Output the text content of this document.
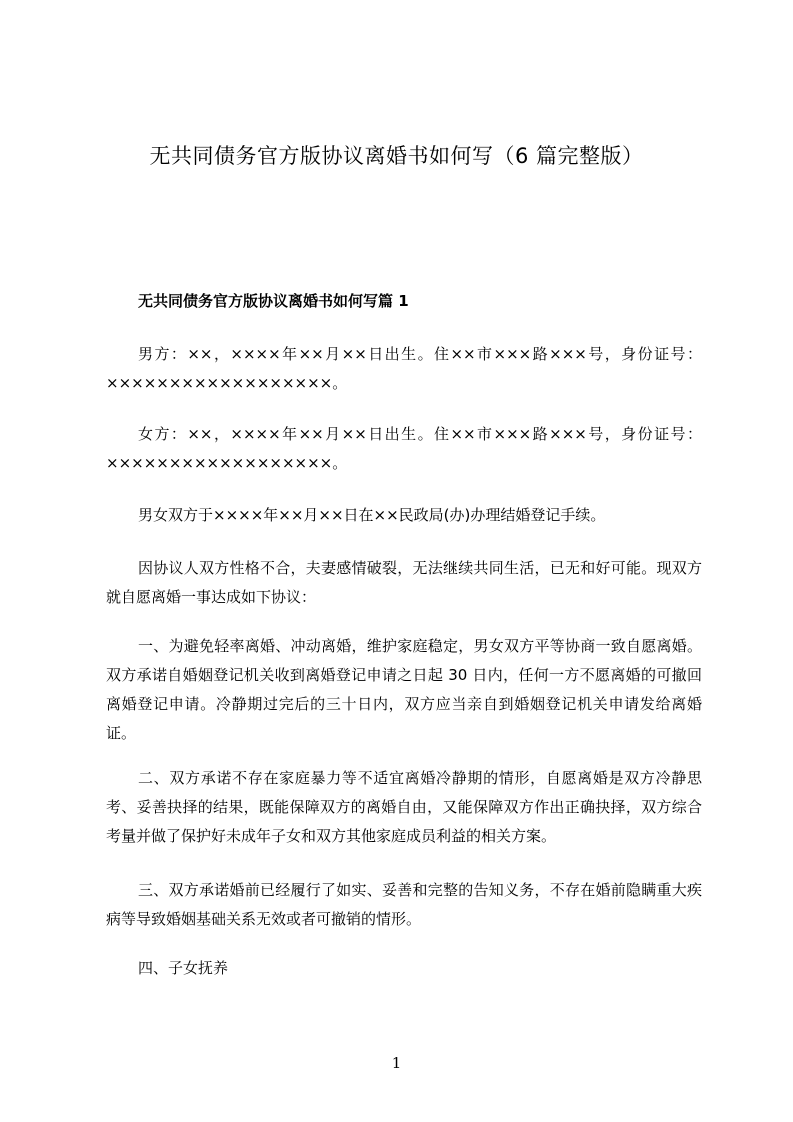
无共同债务官方版协议离婚书如何写（6 篇完整版）
无共同债务官方版协议离婚书如何写篇 1

男方：××，××××年××月××日出生。住××市×××路×××号，身份证号：××××××××××××××××××。

女方：××，××××年××月××日出生。住××市×××路×××号，身份证号：××××××××××××××××××。

男女双方于××××年××月××日在××民政局(办)办理结婚登记手续。

因协议人双方性格不合，夫妻感情破裂，无法继续共同生活，已无和好可能。现双方就自愿离婚一事达成如下协议：

一、为避免轻率离婚、冲动离婚，维护家庭稳定，男女双方平等协商一致自愿离婚。双方承诺自婚姻登记机关收到离婚登记申请之日起 30 日内，任何一方不愿离婚的可撤回离婚登记申请。冷静期过完后的三十日内，双方应当亲自到婚姻登记机关申请发给离婚证。

二、双方承诺不存在家庭暴力等不适宜离婚冷静期的情形，自愿离婚是双方冷静思考、妥善抉择的结果，既能保障双方的离婚自由，又能保障双方作出正确抉择，双方综合考量并做了保护好未成年子女和双方其他家庭成员利益的相关方案。

三、双方承诺婚前已经履行了如实、妥善和完整的告知义务，不存在婚前隐瞒重大疾病等导致婚姻基础关系无效或者可撤销的情形。

四、子女抚养

1
